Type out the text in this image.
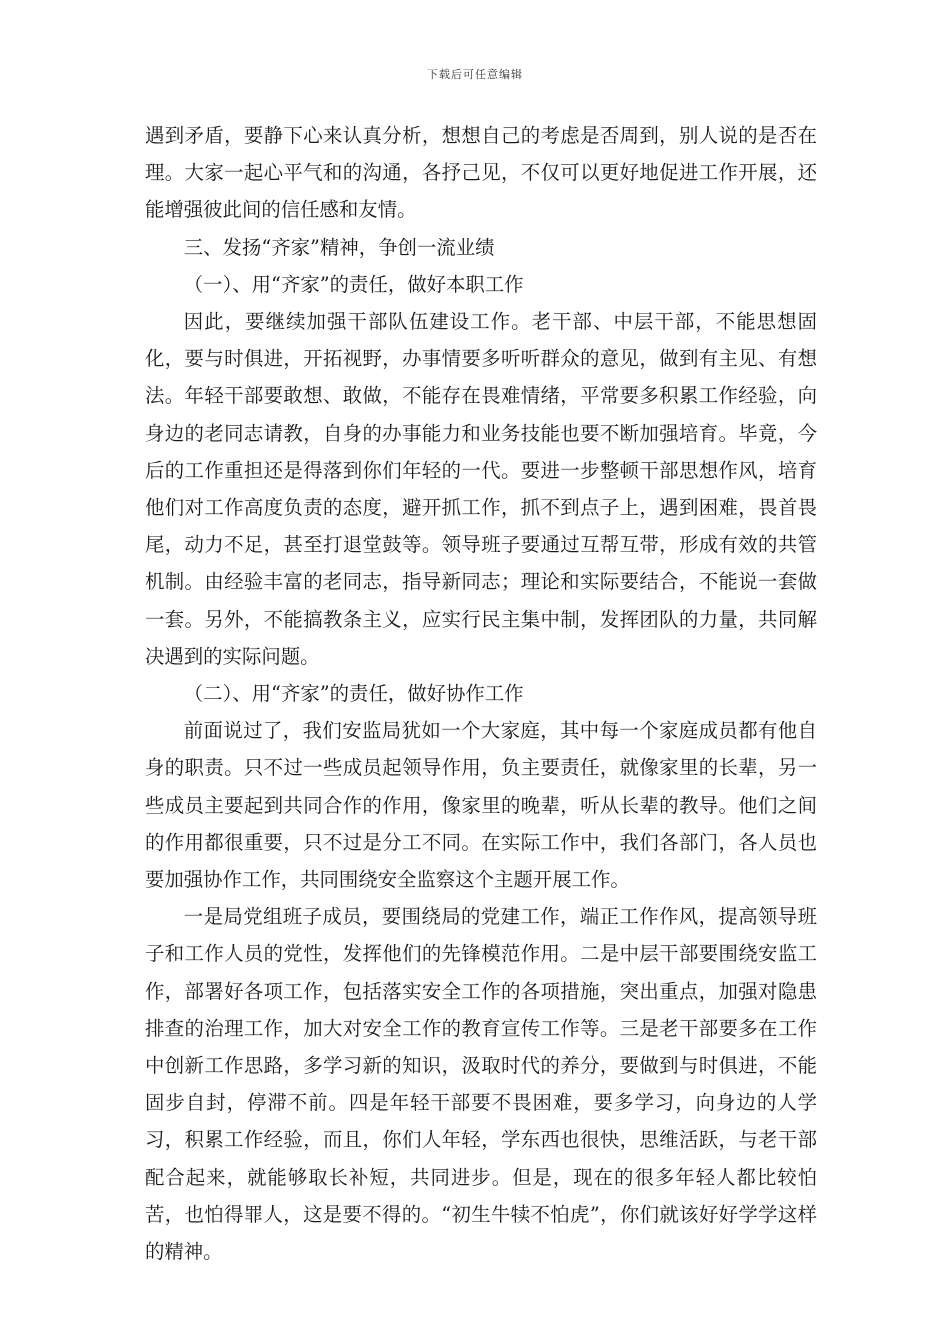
下载后可任意编辑

遇到矛盾，要静下心来认真分析，想想自己的考虑是否周到，别人说的是否在理。大家一起心平气和的沟通，各抒己见，不仅可以更好地促进工作开展，还能增强彼此间的信任感和友情。

三、发扬“齐家”精神，争创一流业绩

（一）、用“齐家”的责任，做好本职工作

因此，要继续加强干部队伍建设工作。老干部、中层干部，不能思想固化，要与时俱进，开拓视野，办事情要多听听群众的意见，做到有主见、有想法。年轻干部要敢想、敢做，不能存在畏难情绪，平常要多积累工作经验，向身边的老同志请教，自身的办事能力和业务技能也要不断加强培育。毕竟，今后的工作重担还是得落到你们年轻的一代。要进一步整顿干部思想作风，培育他们对工作高度负责的态度，避开抓工作，抓不到点子上，遇到困难，畏首畏尾，动力不足，甚至打退堂鼓等。领导班子要通过互帮互带，形成有效的共管机制。由经验丰富的老同志，指导新同志；理论和实际要结合，不能说一套做一套。另外，不能搞教条主义，应实行民主集中制，发挥团队的力量，共同解决遇到的实际问题。

（二）、用“齐家”的责任，做好协作工作

前面说过了，我们安监局犹如一个大家庭，其中每一个家庭成员都有他自身的职责。只不过一些成员起领导作用，负主要责任，就像家里的长辈，另一些成员主要起到共同合作的作用，像家里的晚辈，听从长辈的教导。他们之间的作用都很重要，只不过是分工不同。在实际工作中，我们各部门，各人员也要加强协作工作，共同围绕安全监察这个主题开展工作。

一是局党组班子成员，要围绕局的党建工作，端正工作作风，提高领导班子和工作人员的党性，发挥他们的先锋模范作用。二是中层干部要围绕安监工作，部署好各项工作，包括落实安全工作的各项措施，突出重点，加强对隐患排查的治理工作，加大对安全工作的教育宣传工作等。三是老干部要多在工作中创新工作思路，多学习新的知识，汲取时代的养分，要做到与时俱进，不能固步自封，停滞不前。四是年轻干部要不畏困难，要多学习，向身边的人学习，积累工作经验，而且，你们人年轻，学东西也很快，思维活跃，与老干部配合起来，就能够取长补短，共同进步。但是，现在的很多年轻人都比较怕苦，也怕得罪人，这是要不得的。“初生牛犊不怕虎”，你们就该好好学学这样的精神。
